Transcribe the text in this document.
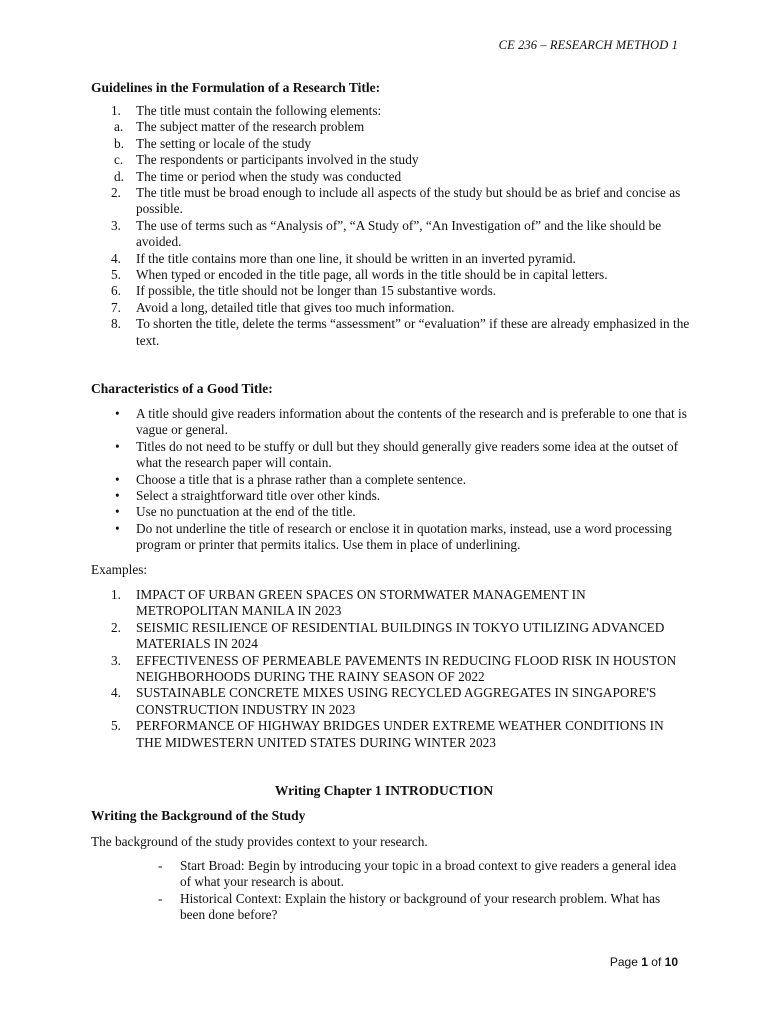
CE 236 – RESEARCH METHOD 1
Guidelines in the Formulation of a Research Title:
1.	The title must contain the following elements:
a. The subject matter of the research problem
b. The setting or locale of the study
c. The respondents or participants involved in the study
d. The time or period when the study was conducted
2.	The title must be broad enough to include all aspects of the study but should be as brief and concise as possible.
3.	The use of terms such as “Analysis of”, “A Study of”, “An Investigation of” and the like should be avoided.
4.	If the title contains more than one line, it should be written in an inverted pyramid.
5.	When typed or encoded in the title page, all words in the title should be in capital letters.
6.	If possible, the title should not be longer than 15 substantive words.
7.	Avoid a long, detailed title that gives too much information.
8.	To shorten the title, delete the terms “assessment” or “evaluation” if these are already emphasized in the text.
Characteristics of a Good Title:
• A title should give readers information about the contents of the research and is preferable to one that is vague or general.
• Titles do not need to be stuffy or dull but they should generally give readers some idea at the outset of what the research paper will contain.
• Choose a title that is a phrase rather than a complete sentence.
• Select a straightforward title over other kinds.
• Use no punctuation at the end of the title.
• Do not underline the title of research or enclose it in quotation marks, instead, use a word processing program or printer that permits italics. Use them in place of underlining.
Examples:
1.	IMPACT OF URBAN GREEN SPACES ON STORMWATER MANAGEMENT IN METROPOLITAN MANILA IN 2023
2.	SEISMIC RESILIENCE OF RESIDENTIAL BUILDINGS IN TOKYO UTILIZING ADVANCED MATERIALS IN 2024
3.	EFFECTIVENESS OF PERMEABLE PAVEMENTS IN REDUCING FLOOD RISK IN HOUSTON NEIGHBORHOODS DURING THE RAINY SEASON OF 2022
4.	SUSTAINABLE CONCRETE MIXES USING RECYCLED AGGREGATES IN SINGAPORE'S CONSTRUCTION INDUSTRY IN 2023
5.	PERFORMANCE OF HIGHWAY BRIDGES UNDER EXTREME WEATHER CONDITIONS IN THE MIDWESTERN UNITED STATES DURING WINTER 2023
Writing Chapter 1 INTRODUCTION
Writing the Background of the Study
The background of the study provides context to your research.
- Start Broad: Begin by introducing your topic in a broad context to give readers a general idea of what your research is about.
- Historical Context: Explain the history or background of your research problem. What has been done before?
Page 1 of 10
